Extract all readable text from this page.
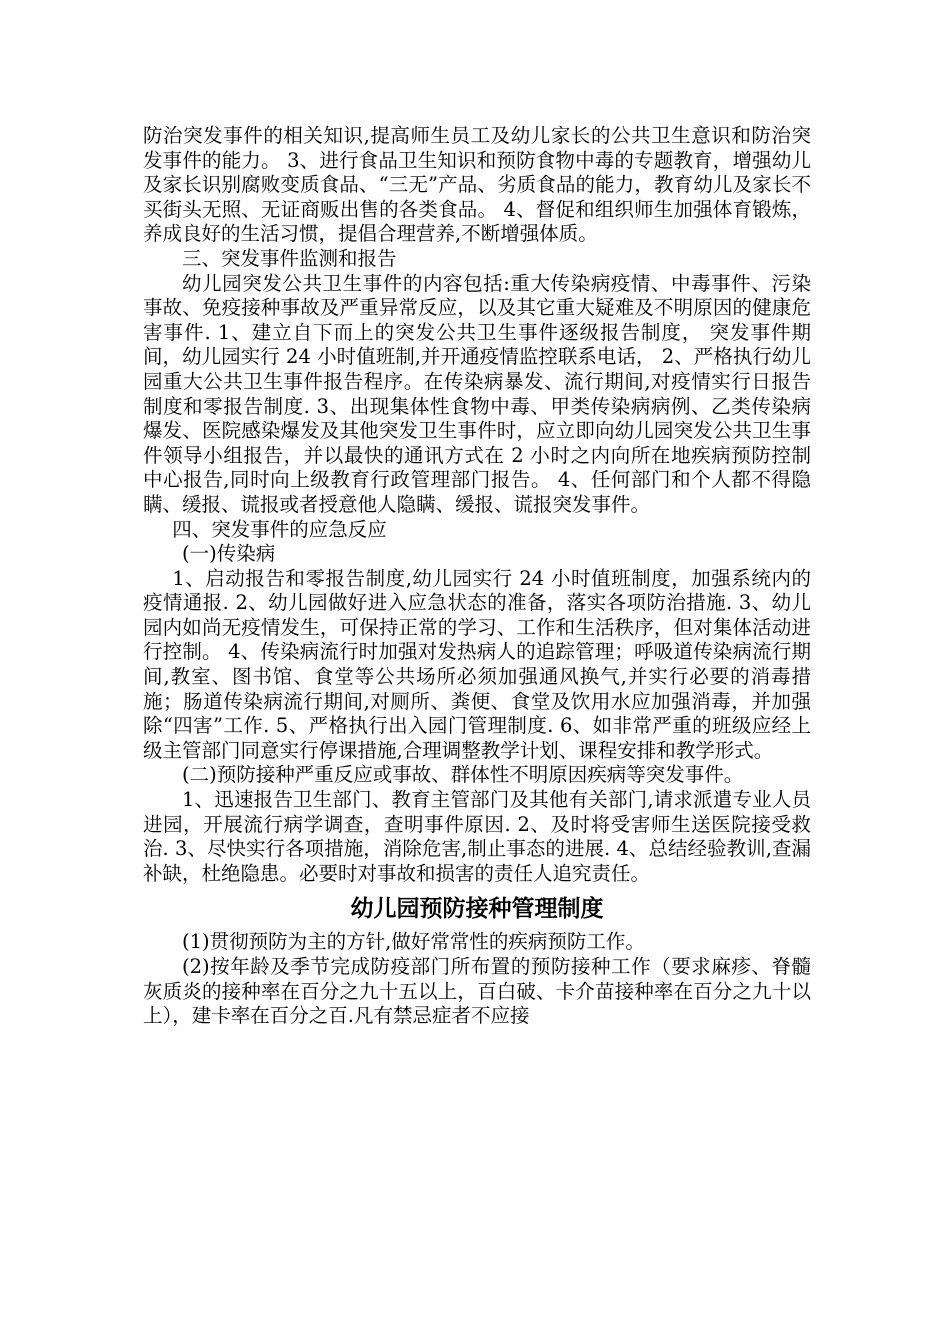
防治突发事件的相关知识,提高师生员工及幼儿家长的公共卫生意识和防治突发事件的能力。 3、进行食品卫生知识和预防食物中毒的专题教育，增强幼儿及家长识别腐败变质食品、“三无”产品、劣质食品的能力，教育幼儿及家长不买街头无照、无证商贩出售的各类食品。 4、督促和组织师生加强体育锻炼，养成良好的生活习惯，提倡合理营养,不断增强体质。

三、突发事件监测和报告

幼儿园突发公共卫生事件的内容包括:重大传染病疫情、中毒事件、污染事故、免疫接种事故及严重异常反应，以及其它重大疑难及不明原因的健康危害事件. 1、建立自下而上的突发公共卫生事件逐级报告制度， 突发事件期间，幼儿园实行 24 小时值班制,并开通疫情监控联系电话， 2、严格执行幼儿园重大公共卫生事件报告程序。在传染病暴发、流行期间,对疫情实行日报告制度和零报告制度. 3、出现集体性食物中毒、甲类传染病病例、乙类传染病爆发、医院感染爆发及其他突发卫生事件时，应立即向幼儿园突发公共卫生事件领导小组报告，并以最快的通讯方式在 2 小时之内向所在地疾病预防控制中心报告,同时向上级教育行政管理部门报告。 4、任何部门和个人都不得隐瞒、缓报、谎报或者授意他人隐瞒、缓报、谎报突发事件。

四、突发事件的应急反应

(一)传染病

1、启动报告和零报告制度,幼儿园实行 24 小时值班制度，加强系统内的疫情通报. 2、幼儿园做好进入应急状态的准备，落实各项防治措施. 3、幼儿园内如尚无疫情发生，可保持正常的学习、工作和生活秩序，但对集体活动进行控制。 4、传染病流行时加强对发热病人的追踪管理；呼吸道传染病流行期间,教室、图书馆、食堂等公共场所必须加强通风换气,并实行必要的消毒措施；肠道传染病流行期间,对厕所、粪便、食堂及饮用水应加强消毒，并加强除“四害”工作. 5、严格执行出入园门管理制度. 6、如非常严重的班级应经上级主管部门同意实行停课措施,合理调整教学计划、课程安排和教学形式。

(二)预防接种严重反应或事故、群体性不明原因疾病等突发事件。

1、迅速报告卫生部门、教育主管部门及其他有关部门,请求派遣专业人员进园，开展流行病学调查，查明事件原因. 2、及时将受害师生送医院接受救治. 3、尽快实行各项措施，消除危害,制止事态的进展. 4、总结经验教训,查漏补缺，杜绝隐患。必要时对事故和损害的责任人追究责任。

幼儿园预防接种管理制度

(1)贯彻预防为主的方针,做好常常性的疾病预防工作。

(2)按年龄及季节完成防疫部门所布置的预防接种工作（要求麻疹、脊髓灰质炎的接种率在百分之九十五以上，百白破、卡介苗接种率在百分之九十以上），建卡率在百分之百.凡有禁忌症者不应接
